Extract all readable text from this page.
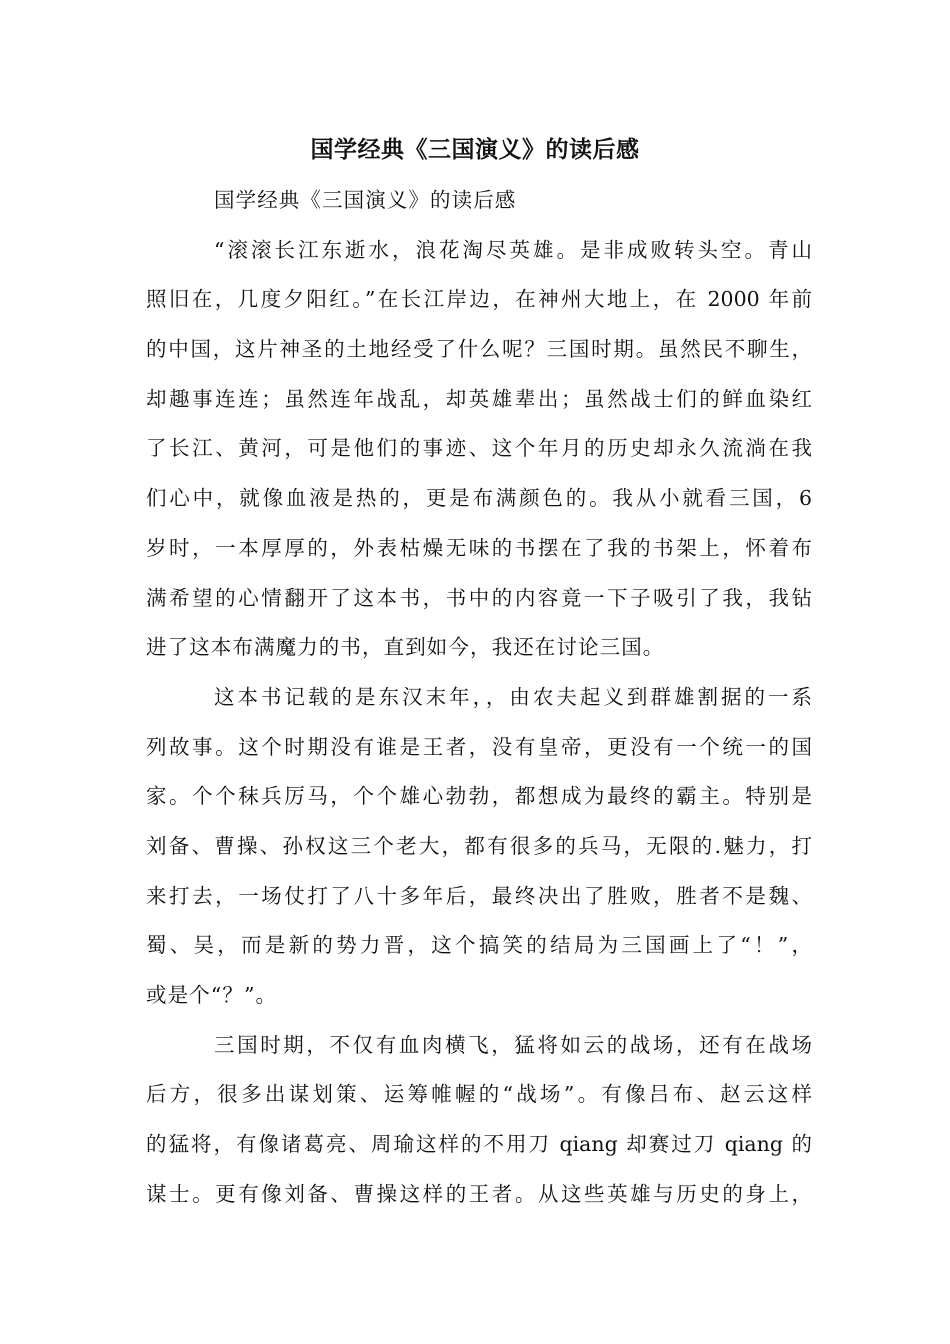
国学经典《三国演义》的读后感
国学经典《三国演义》的读后感
“滚滚长江东逝水，浪花淘尽英雄。是非成败转头空。青山
照旧在，几度夕阳红。”在长江岸边，在神州大地上，在 2000 年前
的中国，这片神圣的土地经受了什么呢？三国时期。虽然民不聊生，
却趣事连连；虽然连年战乱，却英雄辈出；虽然战士们的鲜血染红
了长江、黄河，可是他们的事迹、这个年月的历史却永久流淌在我
们心中，就像血液是热的，更是布满颜色的。我从小就看三国，6
岁时，一本厚厚的，外表枯燥无味的书摆在了我的书架上，怀着布
满希望的心情翻开了这本书，书中的内容竟一下子吸引了我，我钻
进了这本布满魔力的书，直到如今，我还在讨论三国。
这本书记载的是东汉末年，，由农夫起义到群雄割据的一系
列故事。这个时期没有谁是王者，没有皇帝，更没有一个统一的国
家。个个秣兵厉马，个个雄心勃勃，都想成为最终的霸主。特别是
刘备、曹操、孙权这三个老大，都有很多的兵马，无限的.魅力，打
来打去，一场仗打了八十多年后，最终决出了胜败，胜者不是魏、
蜀、吴，而是新的势力晋，这个搞笑的结局为三国画上了“！”，
或是个“？”。
三国时期，不仅有血肉横飞，猛将如云的战场，还有在战场
后方，很多出谋划策、运筹帷幄的“战场”。有像吕布、赵云这样
的猛将，有像诸葛亮、周瑜这样的不用刀 qiang 却赛过刀 qiang 的
谋士。更有像刘备、曹操这样的王者。从这些英雄与历史的身上，
